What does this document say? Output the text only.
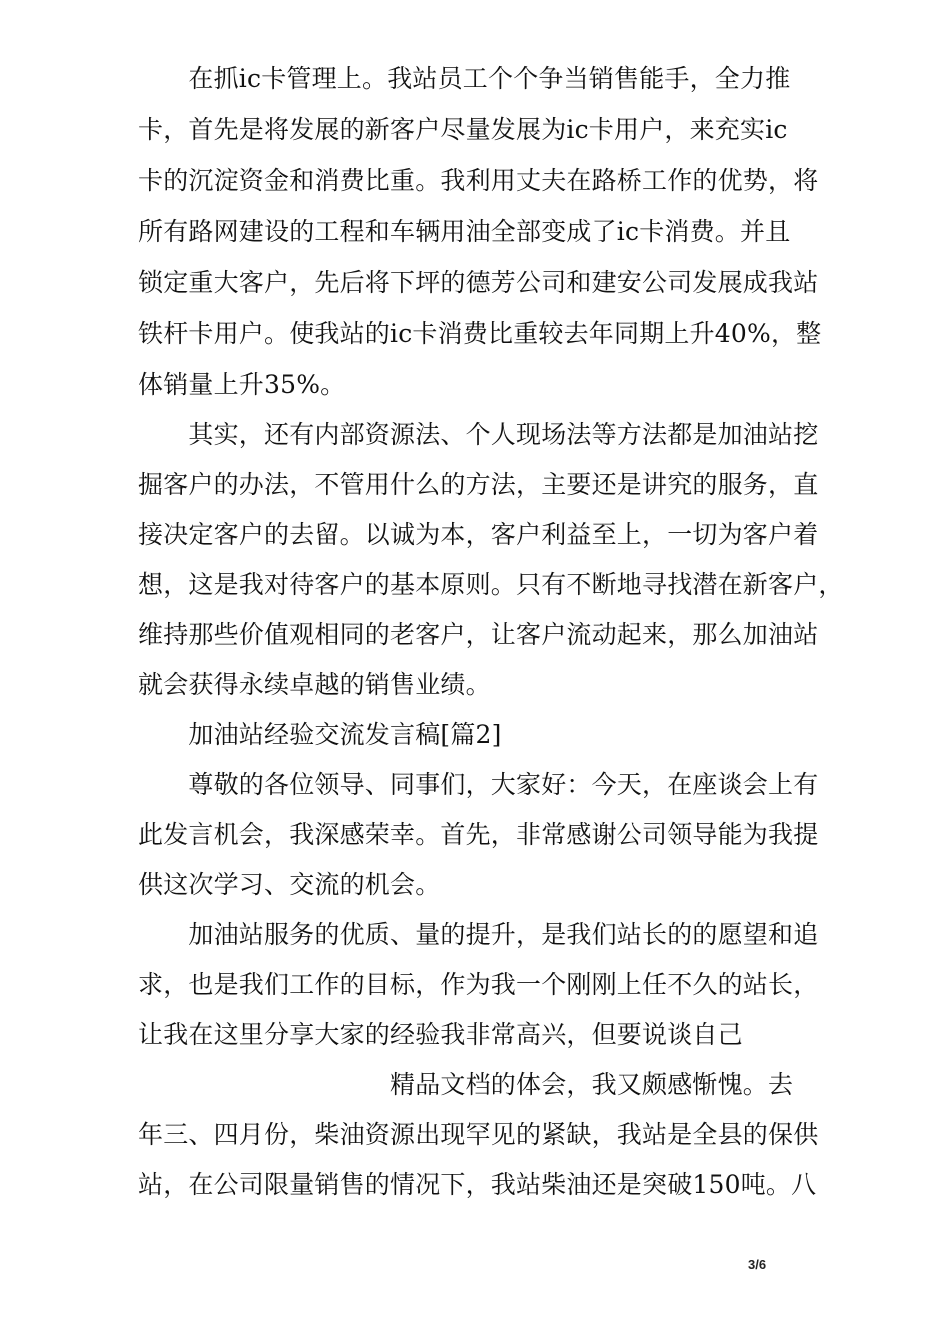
　　在抓ic卡管理上。我站员工个个争当销售能手，全力推
卡，首先是将发展的新客户尽量发展为ic卡用户，来充实ic
卡的沉淀资金和消费比重。我利用丈夫在路桥工作的优势，将
所有路网建设的工程和车辆用油全部变成了ic卡消费。并且
锁定重大客户，先后将下坪的德芳公司和建安公司发展成我站
铁杆卡用户。使我站的ic卡消费比重较去年同期上升40%，整
体销量上升35%。
　　其实，还有内部资源法、个人现场法等方法都是加油站挖
掘客户的办法，不管用什么的方法，主要还是讲究的服务，直
接决定客户的去留。以诚为本，客户利益至上，一切为客户着
想，这是我对待客户的基本原则。只有不断地寻找潜在新客户，
维持那些价值观相同的老客户，让客户流动起来，那么加油站
就会获得永续卓越的销售业绩。
　　加油站经验交流发言稿[篇2]
　　尊敬的各位领导、同事们，大家好：今天，在座谈会上有
此发言机会，我深感荣幸。首先，非常感谢公司领导能为我提
供这次学习、交流的机会。
　　加油站服务的优质、量的提升，是我们站长的的愿望和追
求，也是我们工作的目标，作为我一个刚刚上任不久的站长，
让我在这里分享大家的经验我非常高兴，但要说谈自己
　　　　　　　　　　精品文档的体会，我又颇感惭愧。去
年三、四月份，柴油资源出现罕见的紧缺，我站是全县的保供
站，在公司限量销售的情况下，我站柴油还是突破150吨。八
3/6
